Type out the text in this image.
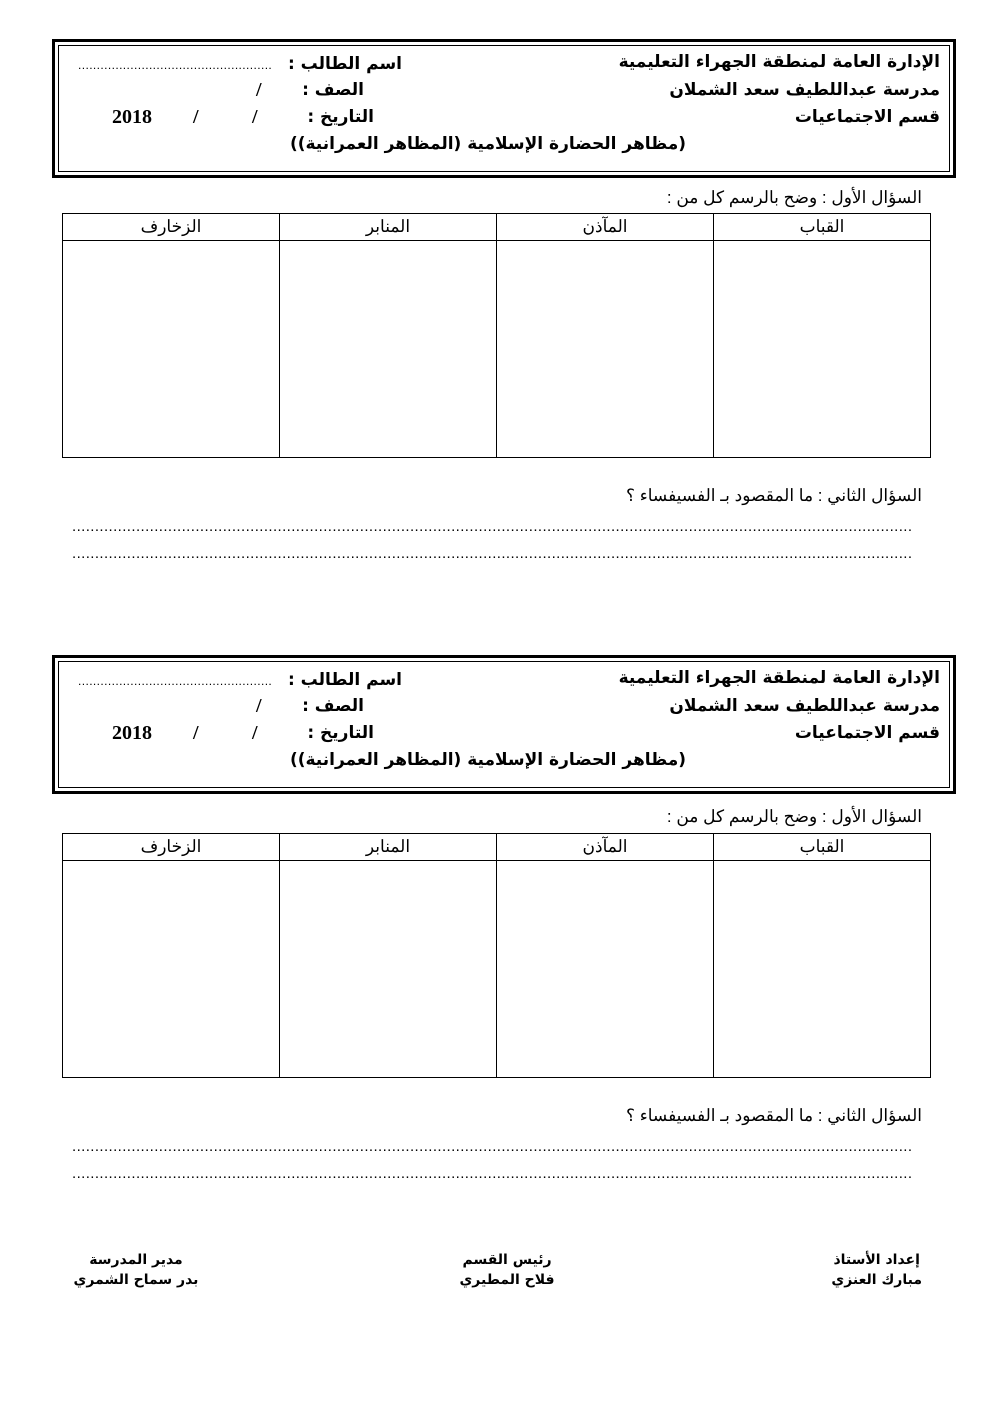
الإدارة العامة لمنطقة الجهراء التعليمية
مدرسة عبداللطيف سعد الشملان
قسم الاجتماعيات
اسم الطالب :
....................................................
الصف :
/
التاريخ :
/
/
2018
(مظاهر الحضارة الإسلامية (المظاهر العمرانية))
السؤال الأول : وضح بالرسم كل من :
القباب	المآذن	المنابر	الزخارف

السؤال الثاني : ما المقصود بـ الفسيفساء ؟
........................................................................................................................................................................................
........................................................................................................................................................................................
الإدارة العامة لمنطقة الجهراء التعليمية
مدرسة عبداللطيف سعد الشملان
قسم الاجتماعيات
اسم الطالب :
....................................................
الصف :
/
التاريخ :
/
/
2018
(مظاهر الحضارة الإسلامية (المظاهر العمرانية))
السؤال الأول : وضح بالرسم كل من :
القباب	المآذن	المنابر	الزخارف

السؤال الثاني : ما المقصود بـ الفسيفساء ؟
........................................................................................................................................................................................
........................................................................................................................................................................................
إعداد الأستاذ
مبارك العنزي
رئيس القسم
فلاح المطيري
مدير المدرسة
بدر سماح الشمري
